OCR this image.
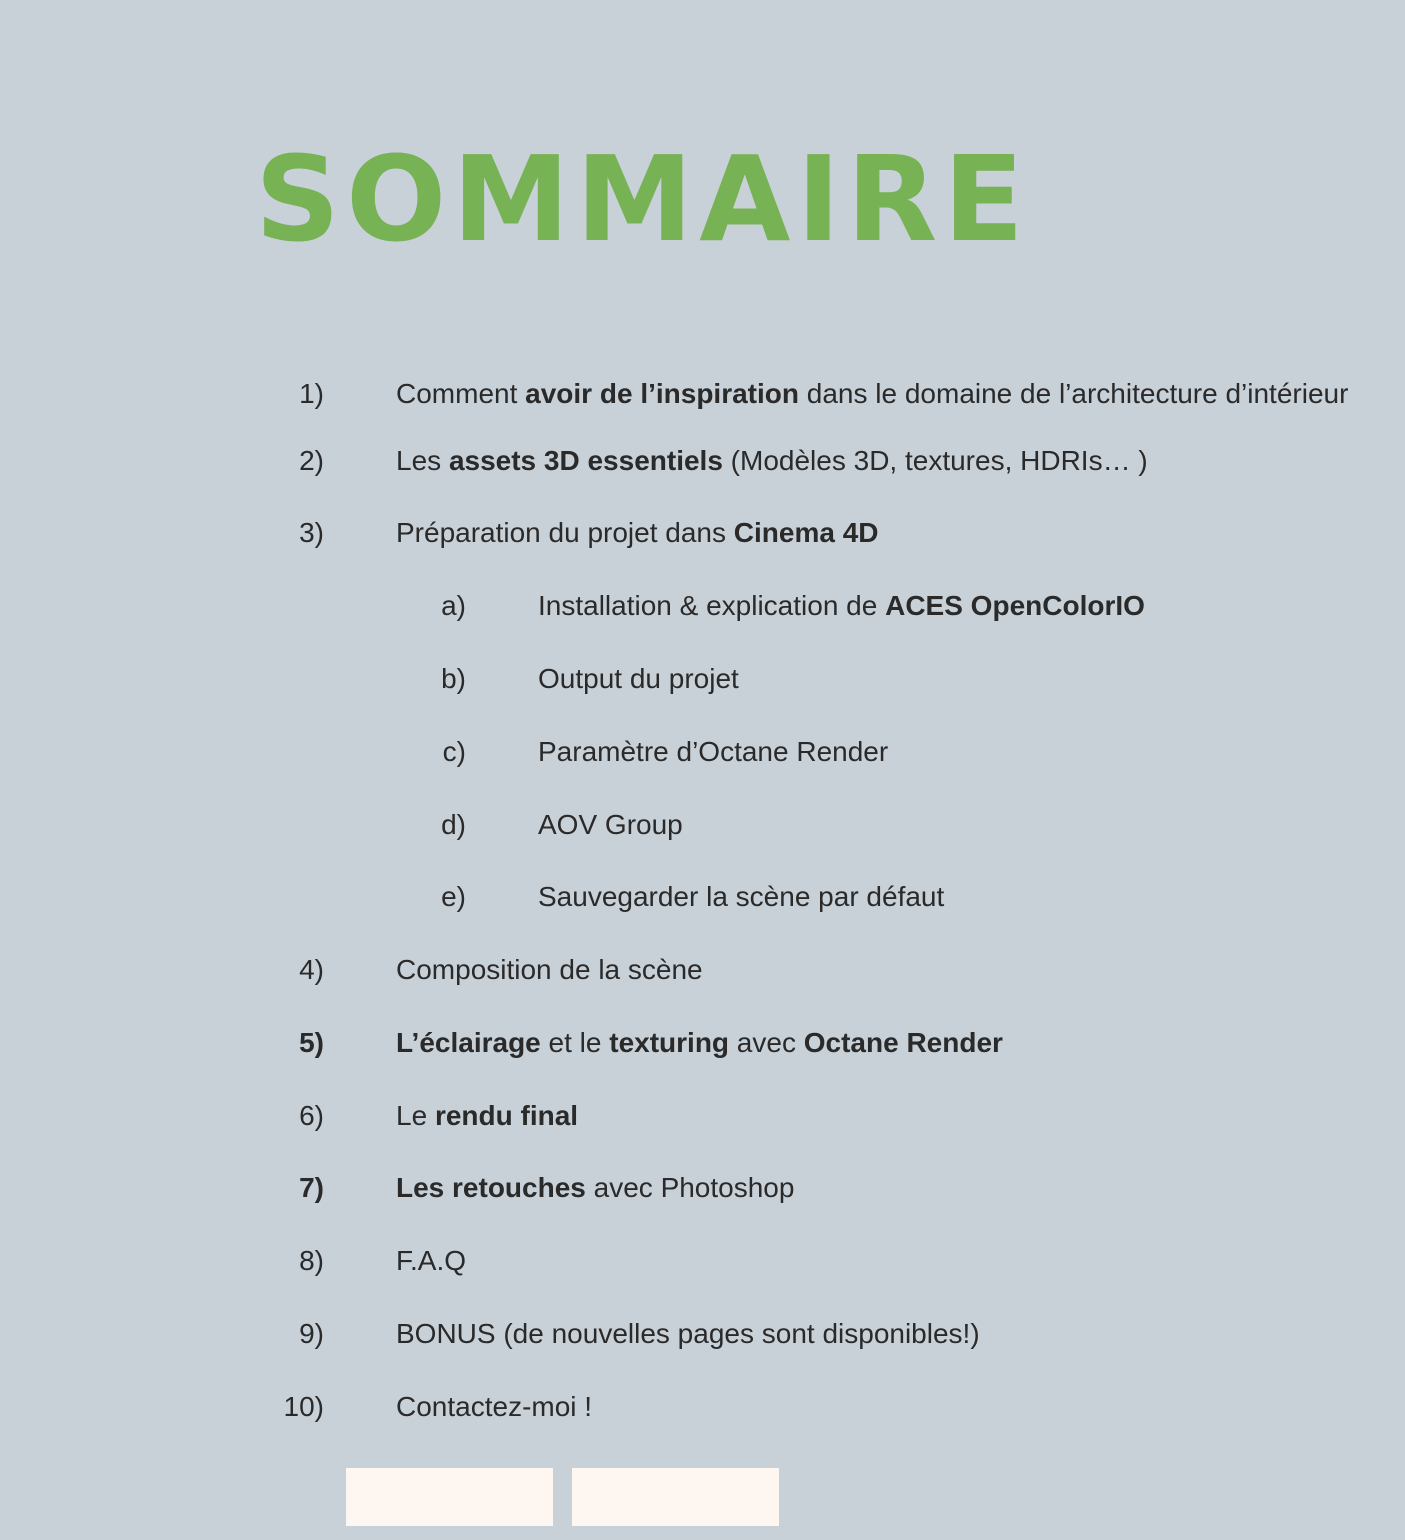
SOMMAIRE
1)	Comment avoir de l’inspiration dans le domaine de l’architecture d’intérieur
2)	Les assets 3D essentiels (Modèles 3D, textures, HDRIs… )
3)	Préparation du projet dans Cinema 4D
a)	Installation & explication de ACES OpenColorIO
b)	Output du projet
c)	Paramètre d’Octane Render
d)	AOV Group
e)	Sauvegarder la scène par défaut
4)	Composition de la scène
5)	L’éclairage et le texturing avec Octane Render
6)	Le rendu final
7)	Les retouches avec Photoshop
8)	F.A.Q
9)	BONUS (de nouvelles pages sont disponibles!)
10)	Contactez-moi !
